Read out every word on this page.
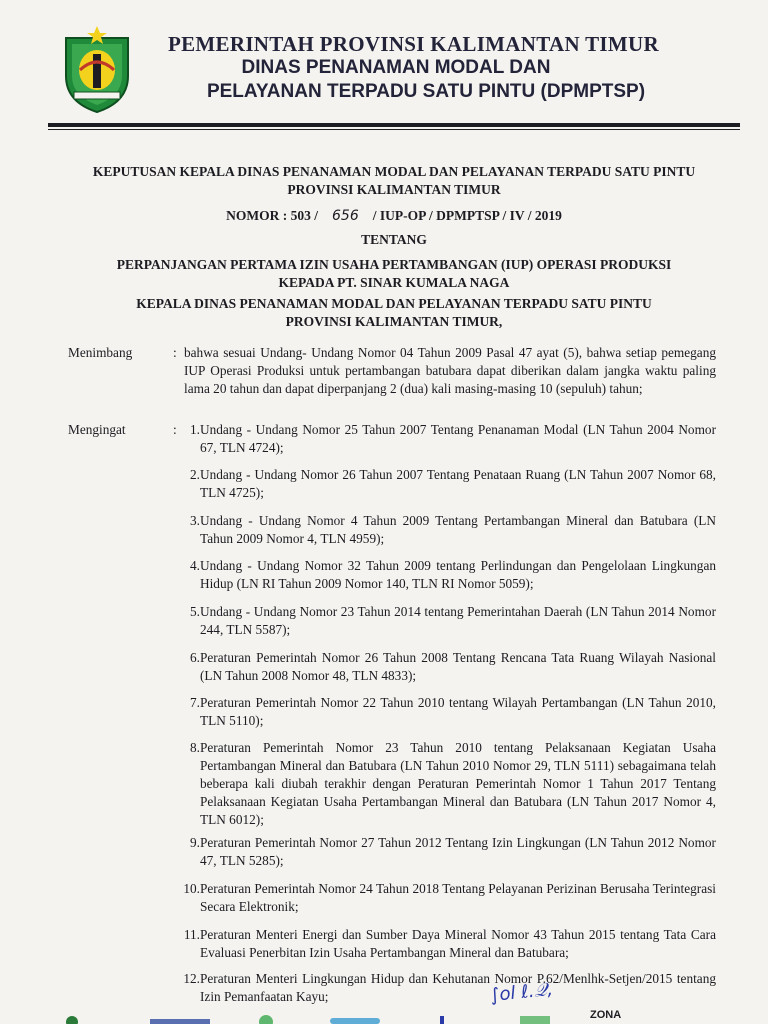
PEMERINTAH PROVINSI KALIMANTAN TIMUR
DINAS PENANAMAN MODAL DAN
PELAYANAN TERPADU SATU PINTU (DPMPTSP)
KEPUTUSAN KEPALA DINAS PENANAMAN MODAL DAN PELAYANAN TERPADU SATU PINTU
PROVINSI KALIMANTAN TIMUR
NOMOR : 503 / 656 / IUP-OP / DPMPTSP / IV / 2019
TENTANG
PERPANJANGAN PERTAMA IZIN USAHA PERTAMBANGAN (IUP) OPERASI PRODUKSI
KEPADA PT. SINAR KUMALA NAGA
KEPALA DINAS PENANAMAN MODAL DAN PELAYANAN TERPADU SATU PINTU
PROVINSI KALIMANTAN TIMUR,
Menimbang	: bahwa sesuai Undang- Undang Nomor 04 Tahun 2009 Pasal 47 ayat (5), bahwa setiap pemegang IUP Operasi Produksi untuk pertambangan batubara dapat diberikan dalam jangka waktu paling lama 20 tahun dan dapat diperpanjang 2 (dua) kali masing-masing 10 (sepuluh) tahun;
Mengingat	: 1. Undang - Undang Nomor 25 Tahun 2007 Tentang Penanaman Modal (LN Tahun 2004 Nomor 67, TLN 4724);
2. Undang - Undang Nomor 26 Tahun 2007 Tentang Penataan Ruang (LN Tahun 2007 Nomor 68, TLN 4725);
3. Undang - Undang Nomor 4 Tahun 2009 Tentang Pertambangan Mineral dan Batubara (LN Tahun 2009 Nomor 4, TLN 4959);
4. Undang - Undang Nomor 32 Tahun 2009 tentang Perlindungan dan Pengelolaan Lingkungan Hidup (LN RI Tahun 2009 Nomor 140, TLN RI Nomor 5059);
5. Undang - Undang Nomor 23 Tahun 2014 tentang Pemerintahan Daerah (LN Tahun 2014 Nomor 244, TLN 5587);
6. Peraturan Pemerintah Nomor 26 Tahun 2008 Tentang Rencana Tata Ruang Wilayah Nasional (LN Tahun 2008 Nomor 48, TLN 4833);
7. Peraturan Pemerintah Nomor 22 Tahun 2010 tentang Wilayah Pertambangan (LN Tahun 2010, TLN 5110);
8. Peraturan Pemerintah Nomor 23 Tahun 2010 tentang Pelaksanaan Kegiatan Usaha Pertambangan Mineral dan Batubara (LN Tahun 2010 Nomor 29, TLN 5111) sebagaimana telah beberapa kali diubah terakhir dengan Peraturan Pemerintah Nomor 1 Tahun 2017 Tentang Pelaksanaan Kegiatan Usaha Pertambangan Mineral dan Batubara (LN Tahun 2017 Nomor 4, TLN 6012);
9. Peraturan Pemerintah Nomor 27 Tahun 2012 Tentang Izin Lingkungan (LN Tahun 2012 Nomor 47, TLN 5285);
10. Peraturan Pemerintah Nomor 24 Tahun 2018 Tentang Pelayanan Perizinan Berusaha Terintegrasi Secara Elektronik;
11. Peraturan Menteri Energi dan Sumber Daya Mineral Nomor 43 Tahun 2015 tentang Tata Cara Evaluasi Penerbitan Izin Usaha Pertambangan Mineral dan Batubara;
12. Peraturan Menteri Lingkungan Hidup dan Kehutanan Nomor P.62/Menlhk-Setjen/2015 tentang Izin Pemanfaatan Kayu;	∫ol ℓ.𝒬,
ZONA
